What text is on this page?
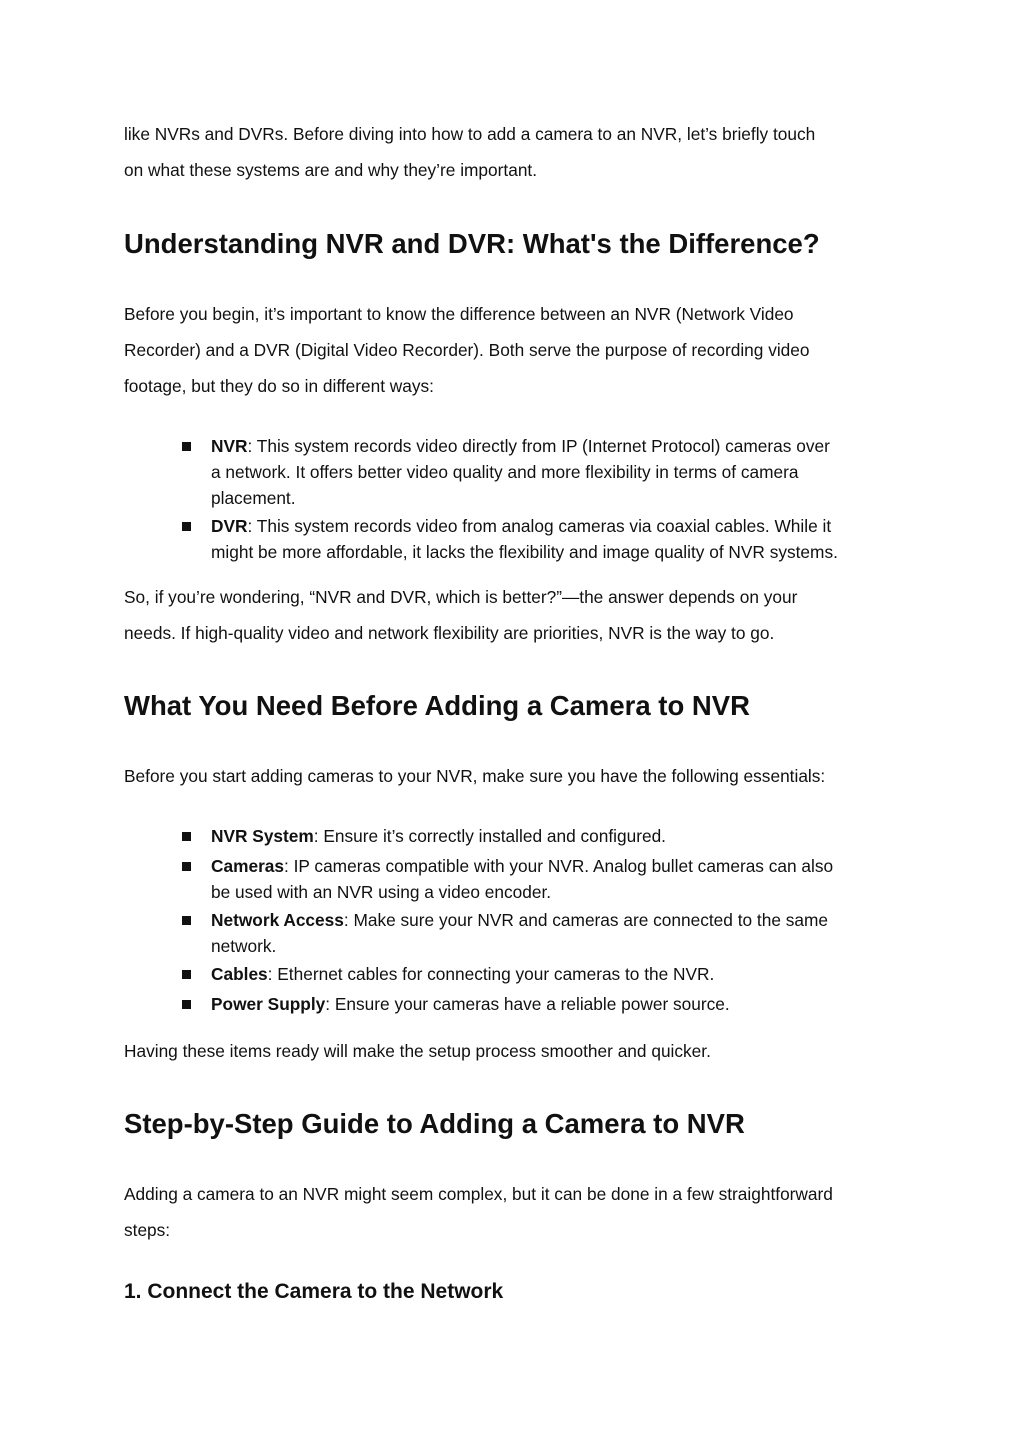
like NVRs and DVRs. Before diving into how to add a camera to an NVR, let’s briefly touch

on what these systems are and why they’re important.

Understanding NVR and DVR: What's the Difference?

Before you begin, it’s important to know the difference between an NVR (Network Video

Recorder) and a DVR (Digital Video Recorder). Both serve the purpose of recording video

footage, but they do so in different ways:

NVR: This system records video directly from IP (Internet Protocol) cameras over
a network. It offers better video quality and more flexibility in terms of camera
placement.
DVR: This system records video from analog cameras via coaxial cables. While it
might be more affordable, it lacks the flexibility and image quality of NVR systems.

So, if you’re wondering, “NVR and DVR, which is better?”—the answer depends on your

needs. If high-quality video and network flexibility are priorities, NVR is the way to go.

What You Need Before Adding a Camera to NVR

Before you start adding cameras to your NVR, make sure you have the following essentials:

NVR System: Ensure it’s correctly installed and configured.
Cameras: IP cameras compatible with your NVR. Analog bullet cameras can also
be used with an NVR using a video encoder.
Network Access: Make sure your NVR and cameras are connected to the same
network.
Cables: Ethernet cables for connecting your cameras to the NVR.
Power Supply: Ensure your cameras have a reliable power source.

Having these items ready will make the setup process smoother and quicker.

Step-by-Step Guide to Adding a Camera to NVR

Adding a camera to an NVR might seem complex, but it can be done in a few straightforward

steps:

1. Connect the Camera to the Network
